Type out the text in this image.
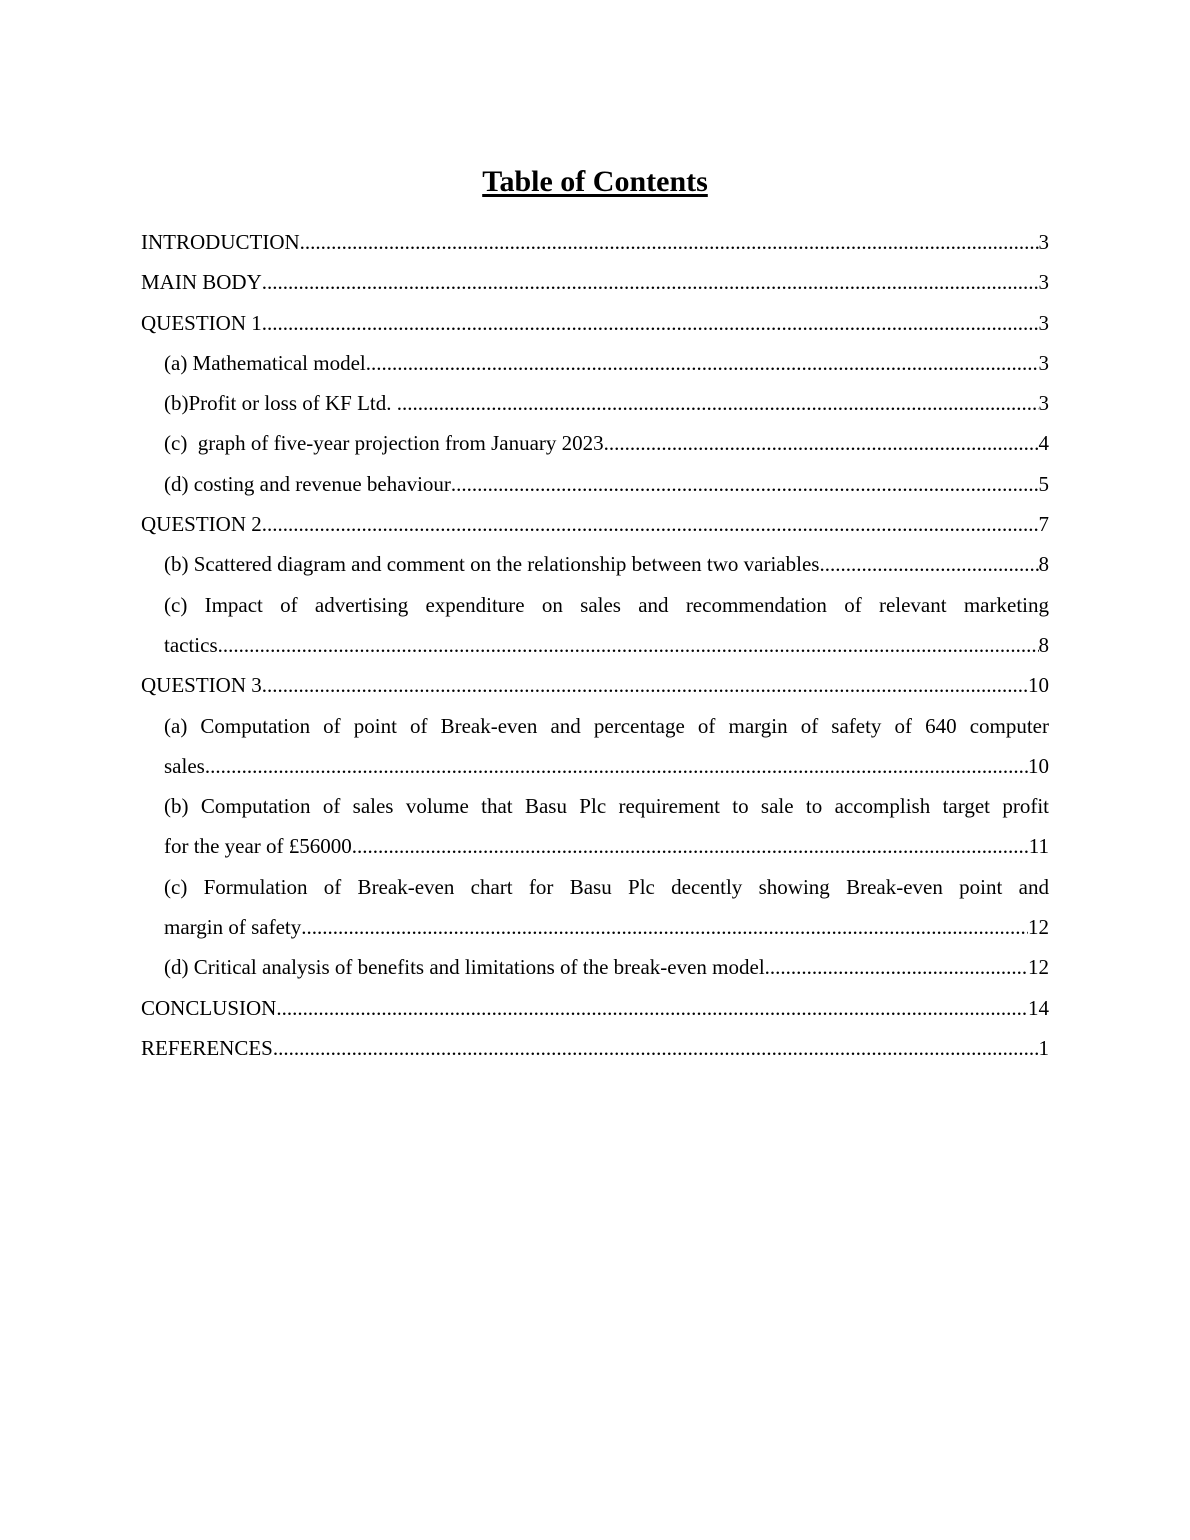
Table of Contents
INTRODUCTION .....	3
MAIN BODY .....	3
QUESTION 1 .....	3
(a) Mathematical model .....	3
(b)Profit or loss of KF Ltd. .....	3
(c)  graph of five-year projection from January 2023 .....	4
(d) costing and revenue behaviour .....	5
QUESTION 2 .....	7
(b) Scattered diagram and comment on the relationship between two variables .....	8
(c) Impact of advertising expenditure on sales and recommendation of relevant marketing
tactics .....	8
QUESTION 3 .....	10
(a) Computation of point of Break-even and percentage of margin of safety of 640 computer
sales .....	10
(b) Computation of sales volume that Basu Plc requirement to sale to accomplish target profit
for the year of £56000 .....	11
(c) Formulation of Break-even chart for Basu Plc decently showing Break-even point and
margin of safety .....	12
(d) Critical analysis of benefits and limitations of the break-even model .....	12
CONCLUSION .....	14
REFERENCES .....	1
